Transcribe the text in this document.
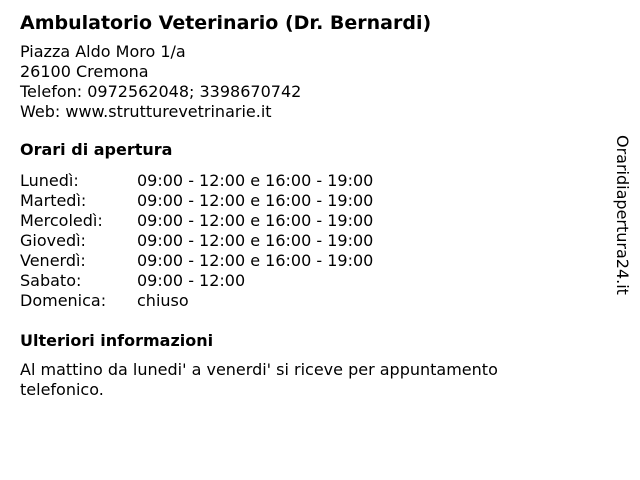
Ambulatorio Veterinario (Dr. Bernardi)
Piazza Aldo Moro 1/a
26100 Cremona
Telefon: 0972562048; 3398670742
Web: www.strutturevetrinarie.it
Orari di apertura
Lunedì:	09:00 - 12:00 e 16:00 - 19:00
Martedì:	09:00 - 12:00 e 16:00 - 19:00
Mercoledì:	09:00 - 12:00 e 16:00 - 19:00
Giovedì:	09:00 - 12:00 e 16:00 - 19:00
Venerdì:	09:00 - 12:00 e 16:00 - 19:00
Sabato:	09:00 - 12:00
Domenica:	chiuso
Ulteriori informazioni
Al mattino da lunedi' a venerdi' si riceve per appuntamento telefonico.
Oraridiapertura24.it
